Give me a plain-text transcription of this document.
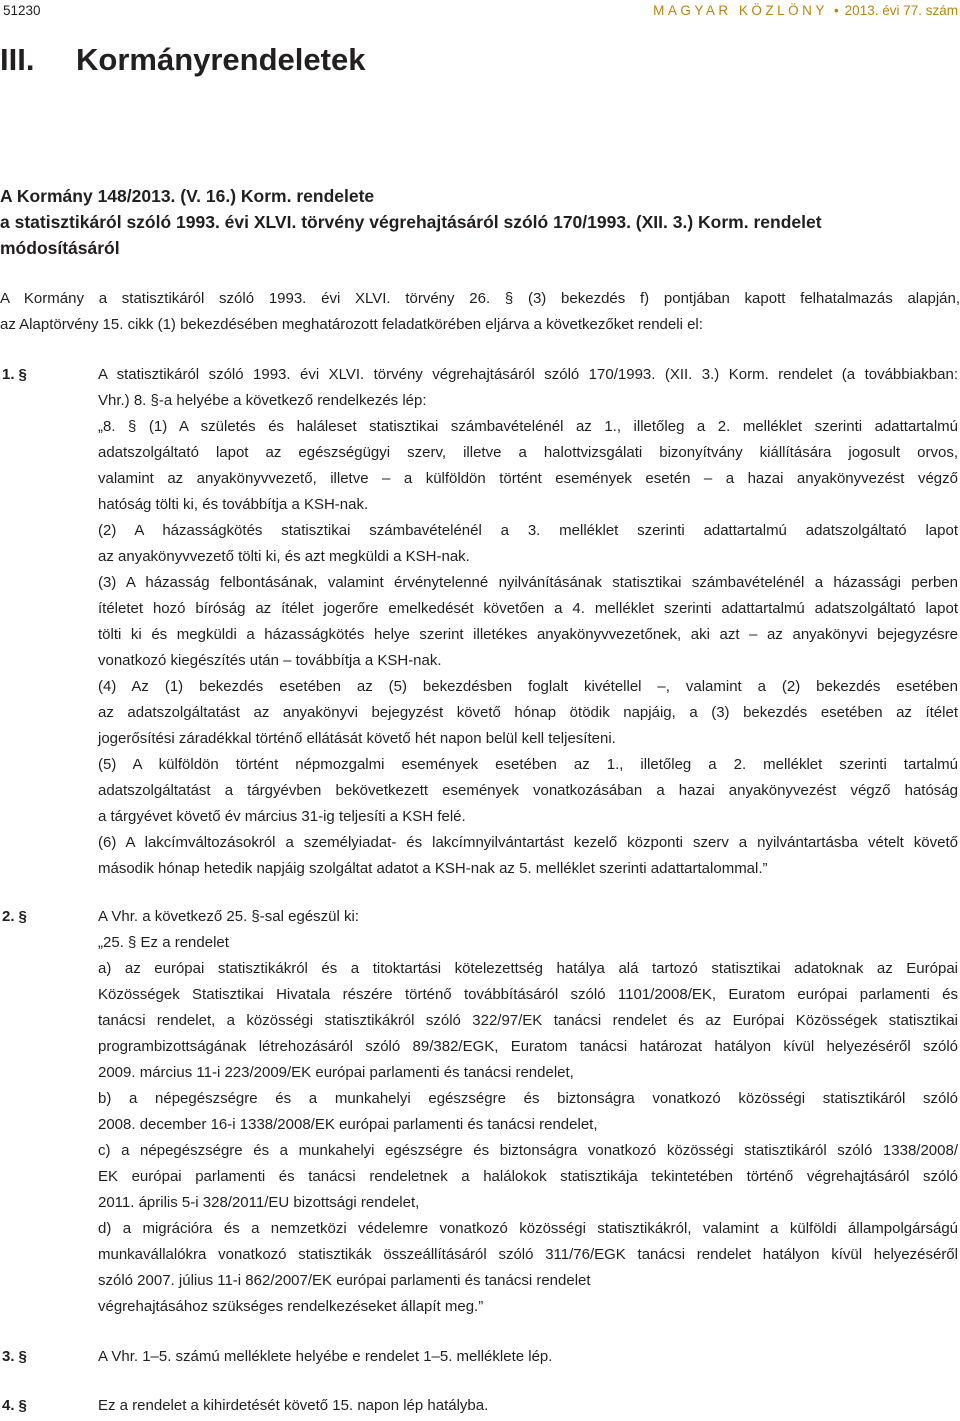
51230	MAGYAR KÖZLÖNY • 2013. évi 77. szám
III. Kormányrendeletek
A Kormány 148/2013. (V. 16.) Korm. rendelete
a statisztikáról szóló 1993. évi XLVI. törvény végrehajtásáról szóló 170/1993. (XII. 3.) Korm. rendelet
módosításáról
A Kormány a statisztikáról szóló 1993. évi XLVI. törvény 26. § (3) bekezdés f) pontjában kapott felhatalmazás alapján,
az Alaptörvény 15. cikk (1) bekezdésében meghatározott feladatkörében eljárva a következőket rendeli el:
1. §	A statisztikáról szóló 1993. évi XLVI. törvény végrehajtásáról szóló 170/1993. (XII. 3.) Korm. rendelet (a továbbiakban:
Vhr.) 8. §-a helyébe a következő rendelkezés lép:
„8. § (1) A születés és haláleset statisztikai számbavételénél az 1., illetőleg a 2. melléklet szerinti adattartalmú
adatszolgáltató lapot az egészségügyi szerv, illetve a halottvizsgálati bizonyítvány kiállítására jogosult orvos,
valamint az anyakönyvvezető, illetve – a külföldön történt események esetén – a hazai anyakönyvezést végző
hatóság tölti ki, és továbbítja a KSH-nak.
(2) A házasságkötés statisztikai számbavételénél a 3. melléklet szerinti adattartalmú adatszolgáltató lapot
az anyakönyvvezető tölti ki, és azt megküldi a KSH-nak.
(3) A házasság felbontásának, valamint érvénytelenné nyilvánításának statisztikai számbavételénél a házassági perben
ítéletet hozó bíróság az ítélet jogerőre emelkedését követően a 4. melléklet szerinti adattartalmú adatszolgáltató lapot
tölti ki és megküldi a házasságkötés helye szerint illetékes anyakönyvvezetőnek, aki azt – az anyakönyvi bejegyzésre
vonatkozó kiegészítés után – továbbítja a KSH-nak.
(4) Az (1) bekezdés esetében az (5) bekezdésben foglalt kivétellel –, valamint a (2) bekezdés esetében
az adatszolgáltatást az anyakönyvi bejegyzést követő hónap ötödik napjáig, a (3) bekezdés esetében az ítélet
jogerősítési záradékkal történő ellátását követő hét napon belül kell teljesíteni.
(5) A külföldön történt népmozgalmi események esetében az 1., illetőleg a 2. melléklet szerinti tartalmú
adatszolgáltatást a tárgyévben bekövetkezett események vonatkozásában a hazai anyakönyvezést végző hatóság
a tárgyévet követő év március 31-ig teljesíti a KSH felé.
(6) A lakcímváltozásokról a személyiadat- és lakcímnyilvántartást kezelő központi szerv a nyilvántartásba vételt követő
második hónap hetedik napjáig szolgáltat adatot a KSH-nak az 5. melléklet szerinti adattartalommal.”
2. §	A Vhr. a következő 25. §-sal egészül ki:
„25. § Ez a rendelet
a) az európai statisztikákról és a titoktartási kötelezettség hatálya alá tartozó statisztikai adatoknak az Európai
Közösségek Statisztikai Hivatala részére történő továbbításáról szóló 1101/2008/EK, Euratom európai parlamenti és
tanácsi rendelet, a közösségi statisztikákról szóló 322/97/EK tanácsi rendelet és az Európai Közösségek statisztikai
programbizottságának létrehozásáról szóló 89/382/EGK, Euratom tanácsi határozat hatályon kívül helyezéséről szóló
2009. március 11-i 223/2009/EK európai parlamenti és tanácsi rendelet,
b) a népegészségre és a munkahelyi egészségre és biztonságra vonatkozó közösségi statisztikáról szóló
2008. december 16-i 1338/2008/EK európai parlamenti és tanácsi rendelet,
c) a népegészségre és a munkahelyi egészségre és biztonságra vonatkozó közösségi statisztikáról szóló 1338/2008/
EK európai parlamenti és tanácsi rendeletnek a halálokok statisztikája tekintetében történő végrehajtásáról szóló
2011. április 5-i 328/2011/EU bizottsági rendelet,
d) a migrációra és a nemzetközi védelemre vonatkozó közösségi statisztikákról, valamint a külföldi állampolgárságú
munkavállalókra vonatkozó statisztikák összeállításáról szóló 311/76/EGK tanácsi rendelet hatályon kívül helyezéséről
szóló 2007. július 11-i 862/2007/EK európai parlamenti és tanácsi rendelet
végrehajtásához szükséges rendelkezéseket állapít meg.”
3. §	A Vhr. 1–5. számú melléklete helyébe e rendelet 1–5. melléklete lép.
4. §	Ez a rendelet a kihirdetését követő 15. napon lép hatályba.
